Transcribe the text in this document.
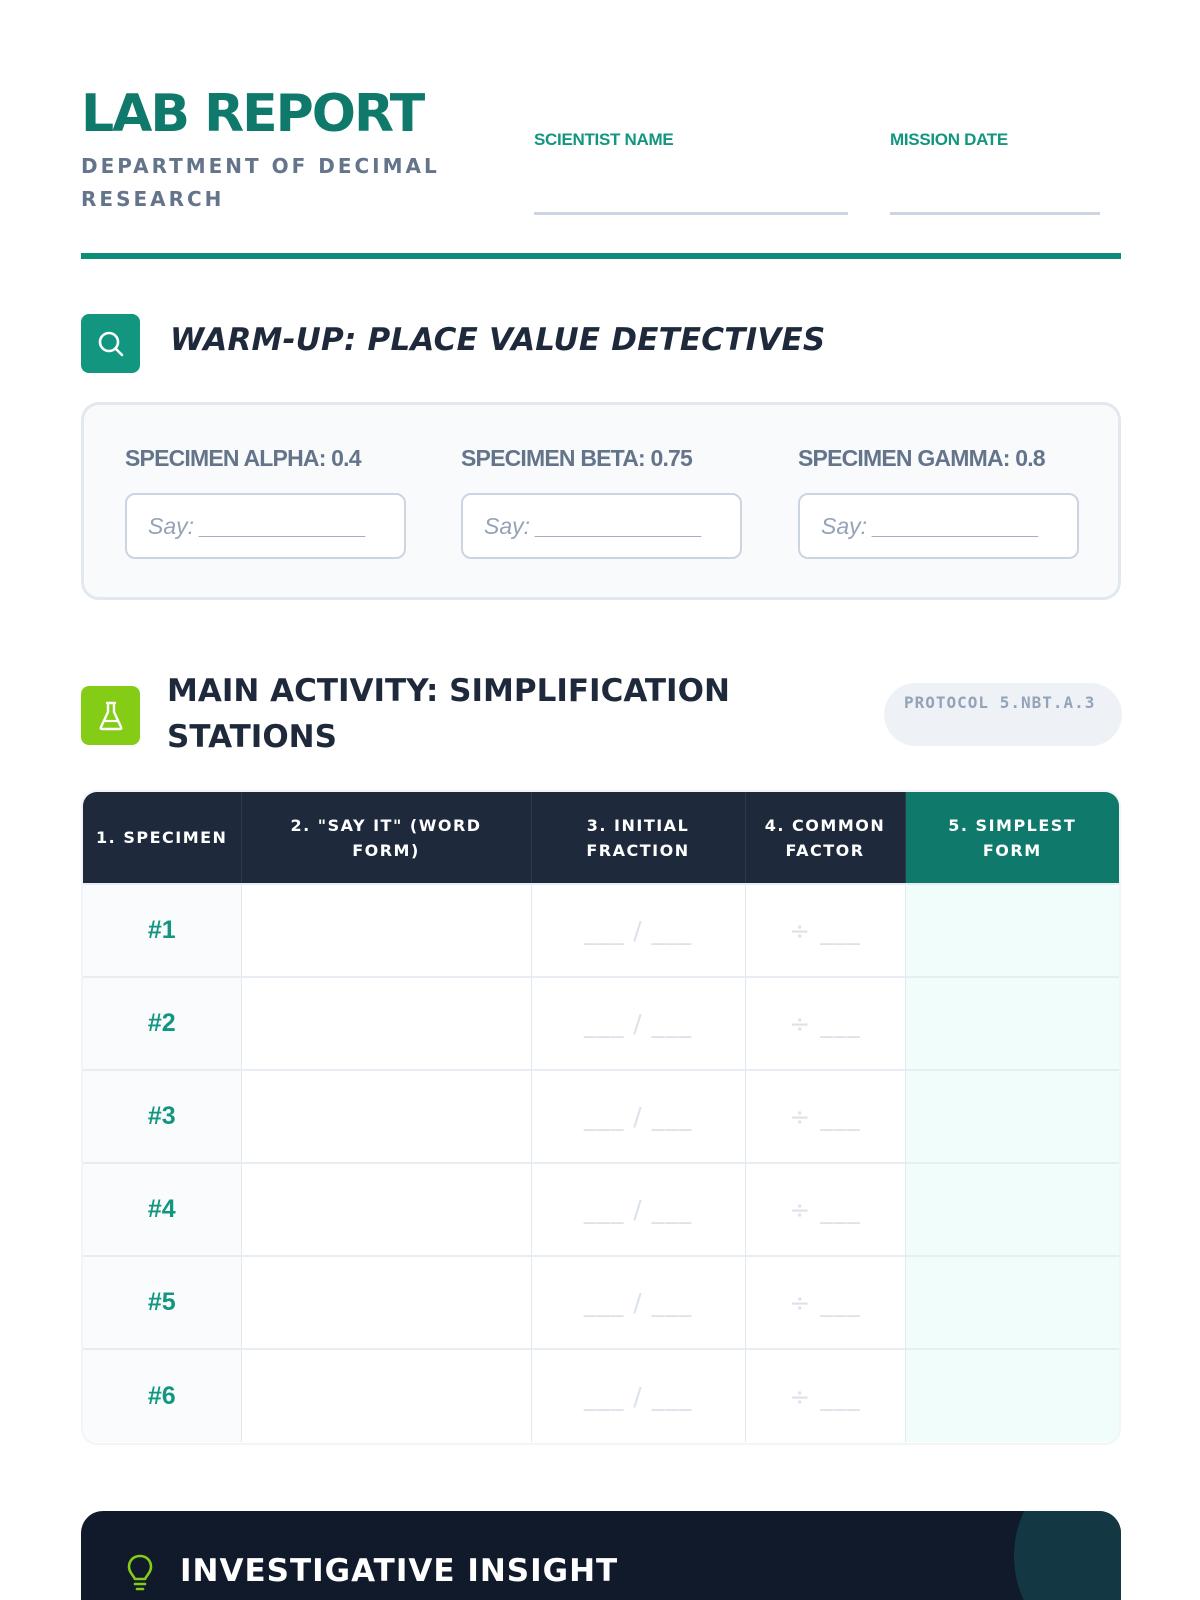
LAB REPORT
DEPARTMENT OF DECIMAL RESEARCH
SCIENTIST NAME	MISSION DATE
WARM-UP: PLACE VALUE DETECTIVES
SPECIMEN ALPHA: 0.4
Say: _____________
SPECIMEN BETA: 0.75
Say: _____________
SPECIMEN GAMMA: 0.8
Say: _____________
MAIN ACTIVITY: SIMPLIFICATION STATIONS
PROTOCOL 5.NBT.A.3
1. SPECIMEN	2. "SAY IT" (WORD FORM)	3. INITIAL FRACTION	4. COMMON FACTOR	5. SIMPLEST FORM
#1		___ / ___	÷ ___	
#2		___ / ___	÷ ___	
#3		___ / ___	÷ ___	
#4		___ / ___	÷ ___	
#5		___ / ___	÷ ___	
#6		___ / ___	÷ ___	
INVESTIGATIVE INSIGHT
